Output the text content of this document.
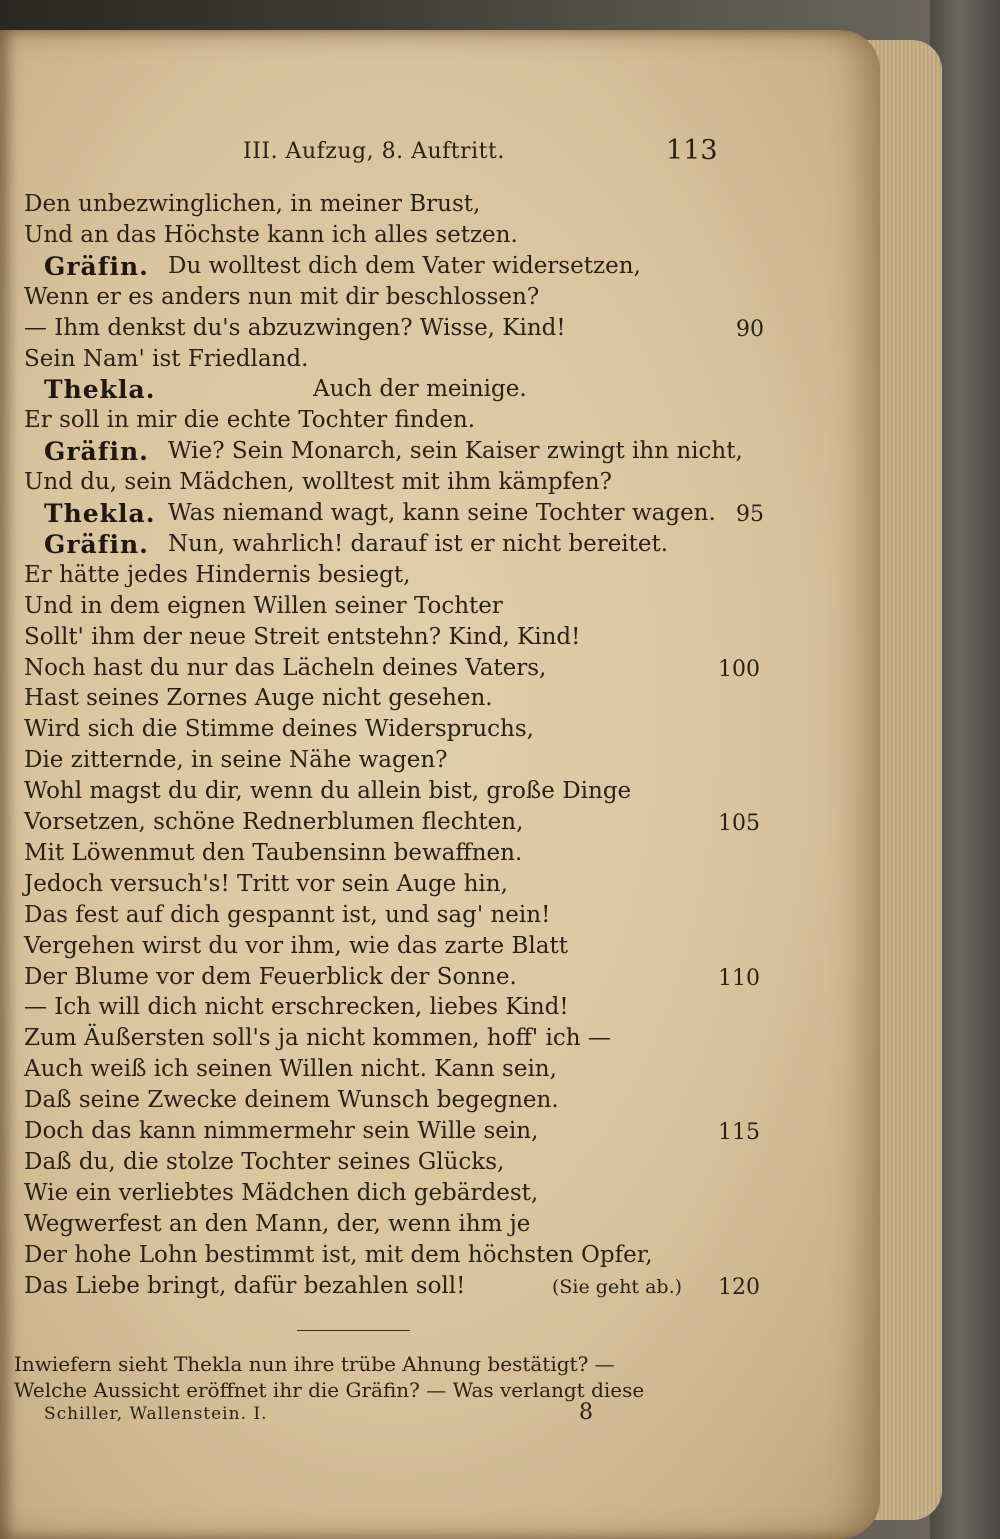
III. Aufzug, 8. Auftritt.	113
Den unbezwinglichen, in meiner Brust,
Und an das Höchste kann ich alles setzen.
Gräfin. Du wolltest dich dem Vater widersetzen,
Wenn er es anders nun mit dir beschlossen?
— Ihm denkst du's abzuzwingen? Wisse, Kind!	90
Sein Nam' ist Friedland.
Thekla.	Auch der meinige.
Er soll in mir die echte Tochter finden.
Gräfin. Wie? Sein Monarch, sein Kaiser zwingt ihn nicht,
Und du, sein Mädchen, wolltest mit ihm kämpfen?
Thekla. Was niemand wagt, kann seine Tochter wagen. 95
Gräfin. Nun, wahrlich! darauf ist er nicht bereitet.
Er hätte jedes Hindernis besiegt,
Und in dem eignen Willen seiner Tochter
Sollt' ihm der neue Streit entstehn? Kind, Kind!
Noch hast du nur das Lächeln deines Vaters,	100
Hast seines Zornes Auge nicht gesehen.
Wird sich die Stimme deines Widerspruchs,
Die zitternde, in seine Nähe wagen?
Wohl magst du dir, wenn du allein bist, große Dinge
Vorsetzen, schöne Rednerblumen flechten,	105
Mit Löwenmut den Taubensinn bewaffnen.
Jedoch versuch's! Tritt vor sein Auge hin,
Das fest auf dich gespannt ist, und sag' nein!
Vergehen wirst du vor ihm, wie das zarte Blatt
Der Blume vor dem Feuerblick der Sonne.	110
— Ich will dich nicht erschrecken, liebes Kind!
Zum Äußersten soll's ja nicht kommen, hoff' ich —
Auch weiß ich seinen Willen nicht. Kann sein,
Daß seine Zwecke deinem Wunsch begegnen.
Doch das kann nimmermehr sein Wille sein,	115
Daß du, die stolze Tochter seines Glücks,
Wie ein verliebtes Mädchen dich gebärdest,
Wegwerfest an den Mann, der, wenn ihm je
Der hohe Lohn bestimmt ist, mit dem höchsten Opfer,
Das Liebe bringt, dafür bezahlen soll!	(Sie geht ab.) 120
Inwiefern sieht Thekla nun ihre trübe Ahnung bestätigt? —
Welche Aussicht eröffnet ihr die Gräfin? — Was verlangt diese
Schiller, Wallenstein. I.	8
